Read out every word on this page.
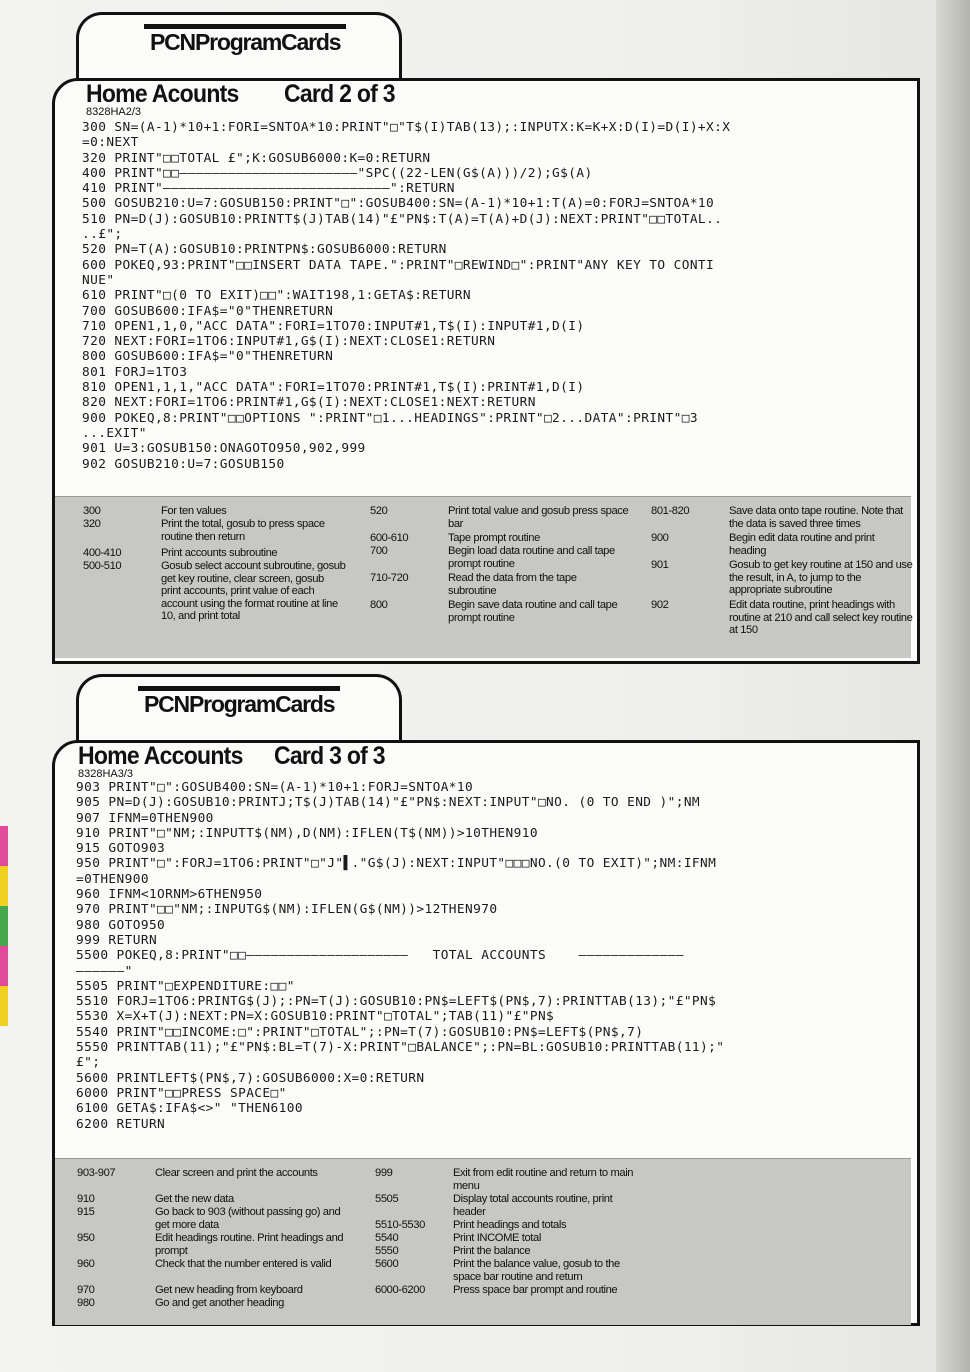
PCNProgramCards
Home Acounts Card 2 of 3
8328HA2/3
300 SN=(A-1)*10+1:FORI=SNTOA*10:PRINT"□"T$(I)TAB(13);:INPUTX:K=K+X:D(I)=D(I)+X:X
=0:NEXT
320 PRINT"□□TOTAL £";K:GOSUB6000:K=0:RETURN
400 PRINT"□□——————————————————————"SPC((22-LEN(G$(A)))/2);G$(A)
410 PRINT"————————————————————————————":RETURN
500 GOSUB210:U=7:GOSUB150:PRINT"□":GOSUB400:SN=(A-1)*10+1:T(A)=0:FORJ=SNTOA*10
510 PN=D(J):GOSUB10:PRINTT$(J)TAB(14)"£"PN$:T(A)=T(A)+D(J):NEXT:PRINT"□□TOTAL..
..£";
520 PN=T(A):GOSUB10:PRINTPN$:GOSUB6000:RETURN
600 POKEQ,93:PRINT"□□INSERT DATA TAPE.":PRINT"□REWIND□":PRINT"ANY KEY TO CONTI
NUE"
610 PRINT"□(0 TO EXIT)□□":WAIT198,1:GETA$:RETURN
700 GOSUB600:IFA$="0"THENRETURN
710 OPEN1,1,0,"ACC DATA":FORI=1TO70:INPUT#1,T$(I):INPUT#1,D(I)
720 NEXT:FORI=1TO6:INPUT#1,G$(I):NEXT:CLOSE1:RETURN
800 GOSUB600:IFA$="0"THENRETURN
801 FORJ=1TO3
810 OPEN1,1,1,"ACC DATA":FORI=1TO70:PRINT#1,T$(I):PRINT#1,D(I)
820 NEXT:FORI=1TO6:PRINT#1,G$(I):NEXT:CLOSE1:NEXT:RETURN
900 POKEQ,8:PRINT"□□OPTIONS ":PRINT"□1...HEADINGS":PRINT"□2...DATA":PRINT"□3
...EXIT"
901 U=3:GOSUB150:ONAGOTO950,902,999
902 GOSUB210:U=7:GOSUB150
300	For ten values
320	Print the total, gosub to press space routine then return
400-410	Print accounts subroutine
500-510	Gosub select account subroutine, gosub get key routine, clear screen, gosub print accounts, print value of each account using the format routine at line 10, and print total
520	Print total value and gosub press space bar
600-610	Tape prompt routine
700	Begin load data routine and call tape prompt routine
710-720	Read the data from the tape subroutine
800	Begin save data routine and call tape prompt routine
801-820	Save data onto tape routine. Note that the data is saved three times
900	Begin edit data routine and print heading
901	Gosub to get key routine at 150 and use the result, in A, to jump to the appropriate subroutine
902	Edit data routine, print headings with routine at 210 and call select key routine at 150
PCNProgramCards
Home Accounts Card 3 of 3
8328HA3/3
903 PRINT"□":GOSUB400:SN=(A-1)*10+1:FORJ=SNTOA*10
905 PN=D(J):GOSUB10:PRINTJ;T$(J)TAB(14)"£"PN$:NEXT:INPUT"□NO. (0 TO END )";NM
907 IFNM=0THEN900
910 PRINT"□"NM;:INPUTT$(NM),D(NM):IFLEN(T$(NM))>10THEN910
915 GOTO903
950 PRINT"□":FORJ=1TO6:PRINT"□"J"▌."G$(J):NEXT:INPUT"□□□NO.(0 TO EXIT)";NM:IFNM
=0THEN900
960 IFNM<1ORNM>6THEN950
970 PRINT"□□"NM;:INPUTG$(NM):IFLEN(G$(NM))>12THEN970
980 GOTO950
999 RETURN
5500 POKEQ,8:PRINT"□□————————————————————   TOTAL ACCOUNTS    —————————————
——————"
5505 PRINT"□EXPENDITURE:□□"
5510 FORJ=1TO6:PRINTG$(J);:PN=T(J):GOSUB10:PN$=LEFT$(PN$,7):PRINTTAB(13);"£"PN$
5530 X=X+T(J):NEXT:PN=X:GOSUB10:PRINT"□TOTAL";TAB(11)"£"PN$
5540 PRINT"□□INCOME:□":PRINT"□TOTAL";:PN=T(7):GOSUB10:PN$=LEFT$(PN$,7)
5550 PRINTTAB(11);"£"PN$:BL=T(7)-X:PRINT"□BALANCE";:PN=BL:GOSUB10:PRINTTAB(11);"
£";
5600 PRINTLEFT$(PN$,7):GOSUB6000:X=0:RETURN
6000 PRINT"□□PRESS SPACE□"
6100 GETA$:IFA$<>" "THEN6100
6200 RETURN
903-907	Clear screen and print the accounts
910	Get the new data
915	Go back to 903 (without passing go) and get more data
950	Edit headings routine. Print headings and prompt
960	Check that the number entered is valid
970	Get new heading from keyboard
980	Go and get another heading
999	Exit from edit routine and return to main menu
5505	Display total accounts routine, print header
5510-5530	Print headings and totals
5540	Print INCOME total
5550	Print the balance
5600	Print the balance value, gosub to the space bar routine and return
6000-6200	Press space bar prompt and routine
